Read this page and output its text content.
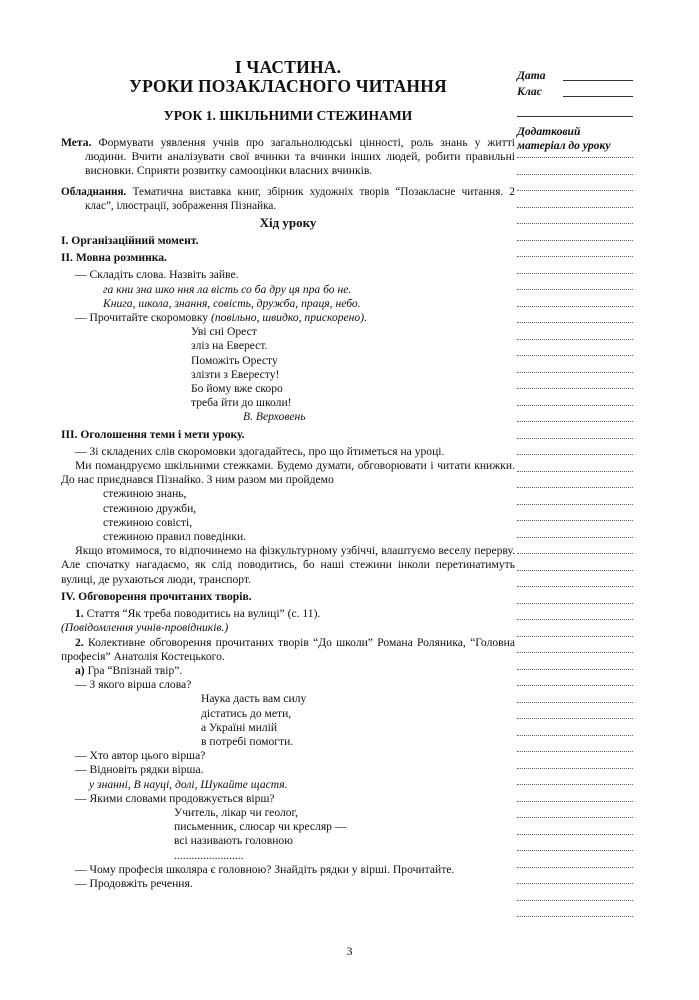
І ЧАСТИНА.
УРОКИ ПОЗАКЛАСНОГО ЧИТАННЯ
УРОК 1. ШКІЛЬНИМИ СТЕЖИНАМИ

Мета. Формувати уявлення учнів про загальнолюдські цінності, роль знань у житті людини. Вчити аналізувати свої вчинки та вчинки інших людей, робити правильні висновки. Сприяти розвитку самооцінки власних вчинків.

Обладнання. Тематична виставка книг, збірник художніх творів “Позакласне читання. 2 клас”, ілюстрації, зображення Пізнайка.

Хід уроку
І. Організаційний момент.
ІІ. Мовна розминка.

— Складіть слова. Назвіть зайве.

га кни зна шко ння ла вість со ба дру ця пра бо не.

Книга, школа, знання, совість, дружба, праця, небо.

— Прочитайте скоромовку (повільно, швидко, прискорено).

Уві сні Орест
зліз на Еверест.
Поможіть Оресту
злізти з Евересту!
Бо йому вже скоро
треба йти до школи!
В. Верховень
ІІІ. Оголошення теми і мети уроку.

— Зі складених слів скоромовки здогадайтесь, про що йтиметься на уроці.

Ми помандруємо шкільними стежками. Будемо думати, обговорювати і читати книжки. До нас приєднався Пізнайко. З ним разом ми пройдемо

стежиною знань,
стежиною дружби,
стежиною совісті,
стежиною правил поведінки.

Якщо втомимося, то відпочинемо на фізкультурному узбіччі, влаштуємо веселу перерву. Але спочатку нагадаємо, як слід поводитись, бо наші стежини інколи перетинатимуть вулиці, де рухаються люди, транспорт.

ІV. Обговорення прочитаних творів.

1. Стаття “Як треба поводитись на вулиці” (с. 11).

(Повідомлення учнів-провідників.)

2. Колективне обговорення прочитаних творів “До школи” Романа Роляника, “Головна професія” Анатолія Костецького.

а) Гра “Впізнай твір”.

— З якого вірша слова?

Наука дасть вам силу
дістатись до мети,
а Україні милій
в потребі помогти.

— Хто автор цього вірша?

— Відновіть рядки вірша.

у знанні, В науці, долі, Шукайте щастя.

— Якими словами продовжується вірш?

Учитель, лікар чи геолог,
письменник, слюсар чи кресляр —
всі називають головною
........................

— Чому професія школяра є головною? Знайдіть рядки у вірші. Прочитайте.

— Продовжіть речення.

Дата
Клас
Додатковий
матеріал до уроку
3
